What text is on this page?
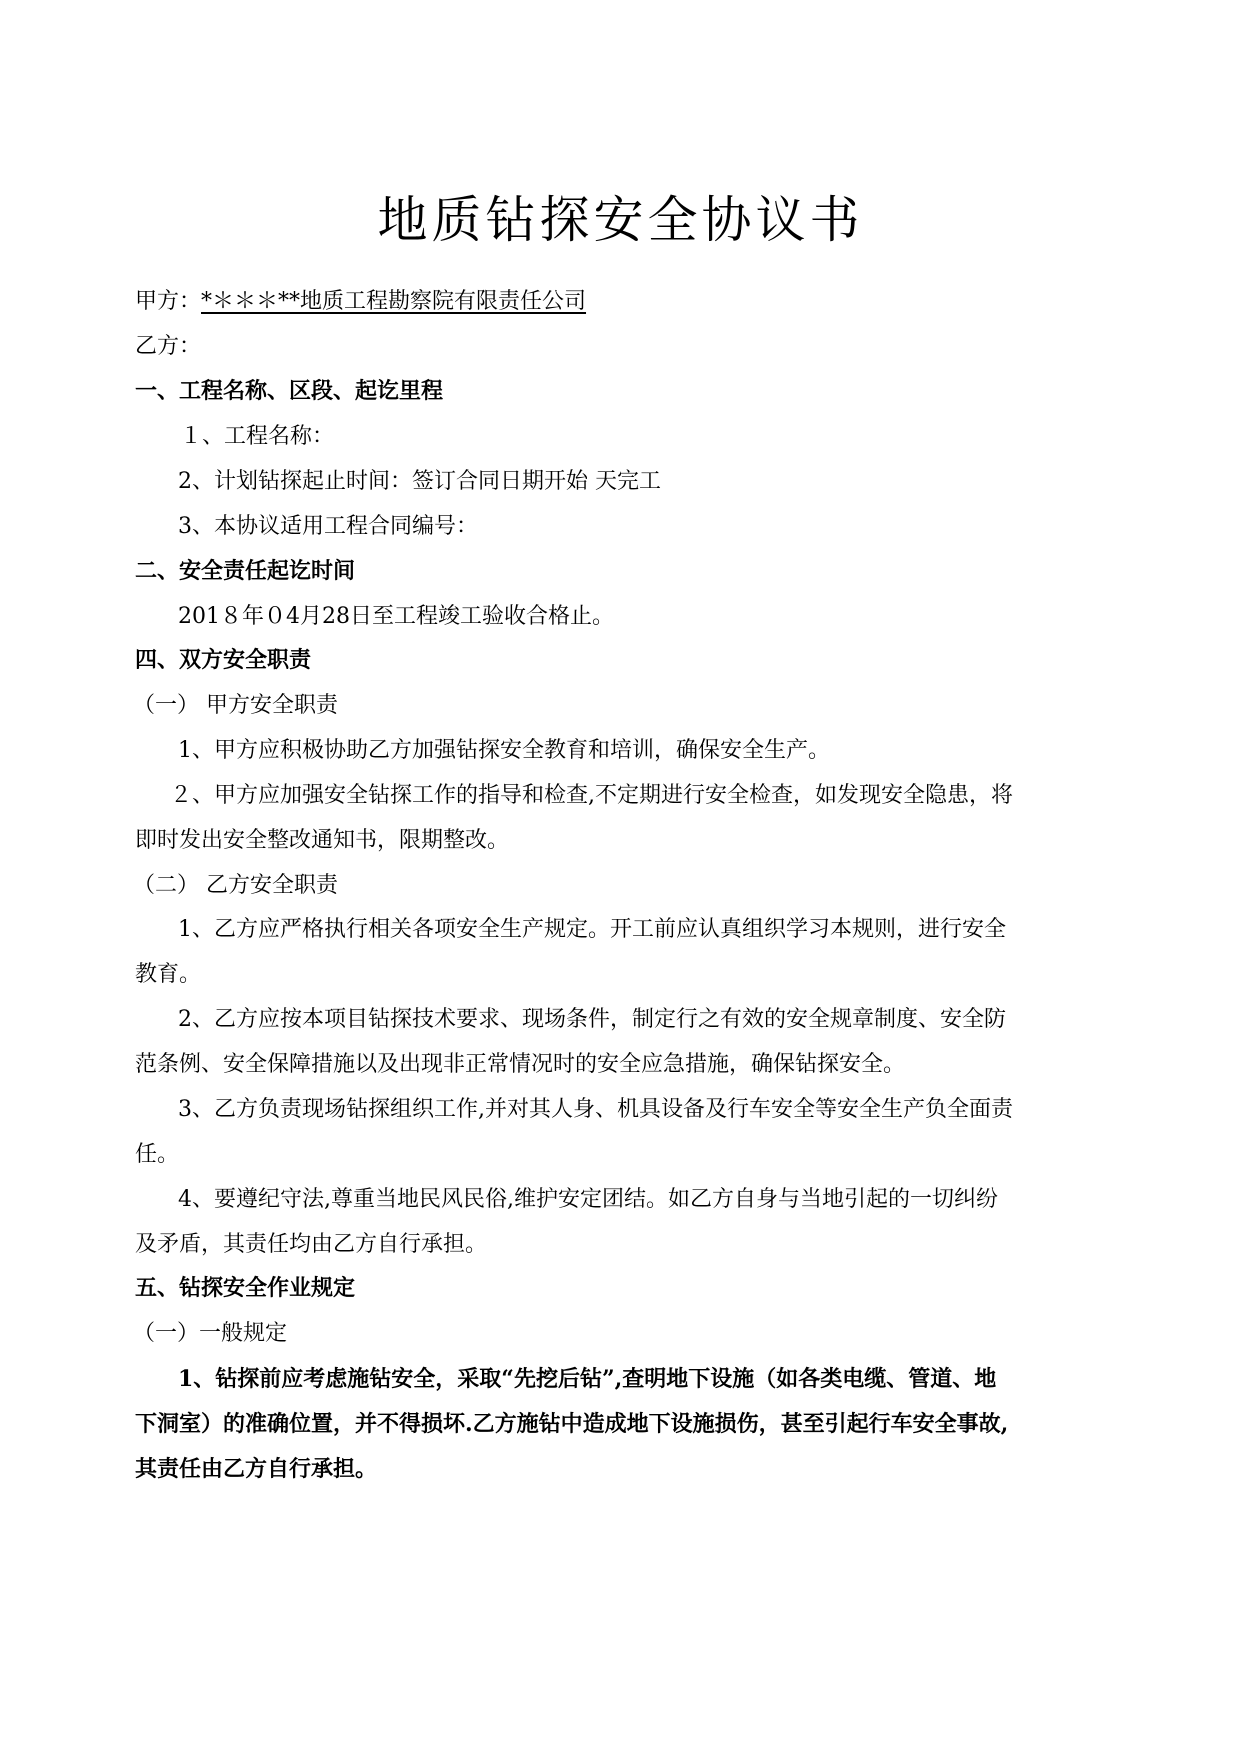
地质钻探安全协议书
甲方：*＊＊＊**地质工程勘察院有限责任公司
乙方：
一、工程名称、区段、起讫里程
１、工程名称：
2、计划钻探起止时间：签订合同日期开始 天完工
3、本协议适用工程合同编号：
二、安全责任起讫时间
201８年０4月28日至工程竣工验收合格止。
四、双方安全职责
（一） 甲方安全职责
1、甲方应积极协助乙方加强钻探安全教育和培训，确保安全生产。
２、甲方应加强安全钻探工作的指导和检查,不定期进行安全检查，如发现安全隐患，将
即时发出安全整改通知书，限期整改。
（二） 乙方安全职责
1、乙方应严格执行相关各项安全生产规定。开工前应认真组织学习本规则，进行安全
教育。
2、乙方应按本项目钻探技术要求、现场条件，制定行之有效的安全规章制度、安全防
范条例、安全保障措施以及出现非正常情况时的安全应急措施，确保钻探安全。
3、乙方负责现场钻探组织工作,并对其人身、机具设备及行车安全等安全生产负全面责
任。
4、要遵纪守法,尊重当地民风民俗,维护安定团结。如乙方自身与当地引起的一切纠纷
及矛盾，其责任均由乙方自行承担。
五、钻探安全作业规定
（一）一般规定
1、钻探前应考虑施钻安全，采取“先挖后钻”,查明地下设施（如各类电缆、管道、地
下洞室）的准确位置，并不得损坏.乙方施钻中造成地下设施损伤，甚至引起行车安全事故,
其责任由乙方自行承担。
